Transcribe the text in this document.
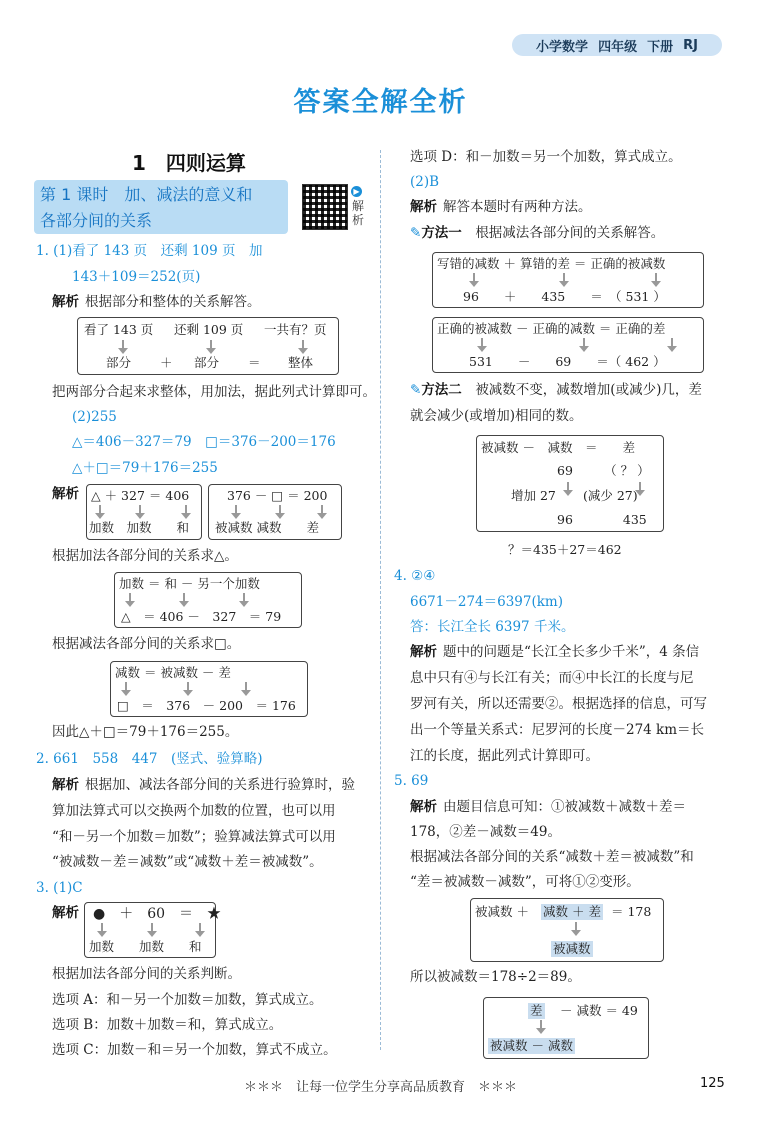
小学数学 四年级 下册 RJ
答案全解全析
1　四则运算
第 1 课时　加、减法的意义和
各部分间的关系
▶
解析
1. (1)看了 143 页　还剩 109 页　加
143＋109＝252(页)
解析 根据部分和整体的关系解答。
看了 143 页 还剩 109 页 一共有？页
部分 ＋ 部分 ＝ 整体
把两部分合起来求整体，用加法，据此列式计算即可。
(2)255
△＝406－327＝79　□＝376－200＝176
△＋□＝79＋176＝255
解析 △ ＋ 327 ＝ 406
加数　加数　　和
376 － □ ＝ 200
被减数 减数　　差
根据加法各部分间的关系求△。
加数 ＝ 和 － 另一个加数
△　＝ 406 －　327　＝ 79
根据减法各部分间的关系求□。
减数 ＝ 被减数 － 差
□　＝　376　－ 200　＝ 176
因此△＋□＝79＋176＝255。
2. 661　558　447　(竖式、验算略)
解析 根据加、减法各部分间的关系进行验算时，验
算加法算式可以交换两个加数的位置，也可以用
“和－另一个加数＝加数”；验算减法算式可以用
“被减数－差＝减数”或“减数＋差＝被减数”。
3. (1)C
解析	●　＋　60　＝　★
加数　　加数　　和
根据加法各部分间的关系判断。
选项 A：和－另一个加数＝加数，算式成立。
选项 B：加数＋加数＝和，算式成立。
选项 C：加数－和＝另一个加数，算式不成立。
选项 D：和－加数＝另一个加数，算式成立。
(2)B
解析 解答本题时有两种方法。
✎方法一　 根据减法各部分间的关系解答。
写错的减数 ＋ 算错的差 ＝ 正确的被减数
96　　＋　　435　　＝　（ 531 ）
正确的被减数 － 正确的减数 ＝ 正确的差
531　　－　　69　　＝（ 462 ）
✎方法二　 被减数不变，减数增加(或减少)几，差
就会减少(或增加)相同的数。
被减数 －　减数　＝　　差
69　　　（ ？ ）
增加 27 (减少 27)
96　　　　435
？＝435＋27＝462
4. ②④
6671－274＝6397(km)
答：长江全长 6397 千米。
解析 题中的问题是“长江全长多少千米”，4 条信
息中只有④与长江有关；而④中长江的长度与尼
罗河有关，所以还需要②。根据选择的信息，可写
出一个等量关系式：尼罗河的长度－274 km＝长
江的长度，据此列式计算即可。
5. 69
解析 由题目信息可知：①被减数＋减数＋差＝
178，②差－减数＝49。
根据减法各部分间的关系“减数＋差＝被减数”和
“差＝被减数－减数”，可将①②变形。
被减数 ＋ 减数 ＋ 差 ＝ 178
被减数
所以被减数＝178÷2＝89。
差 － 减数 ＝ 49
被减数 － 减数
＊＊＊　让每一位学生分享高品质教育　＊＊＊	125
